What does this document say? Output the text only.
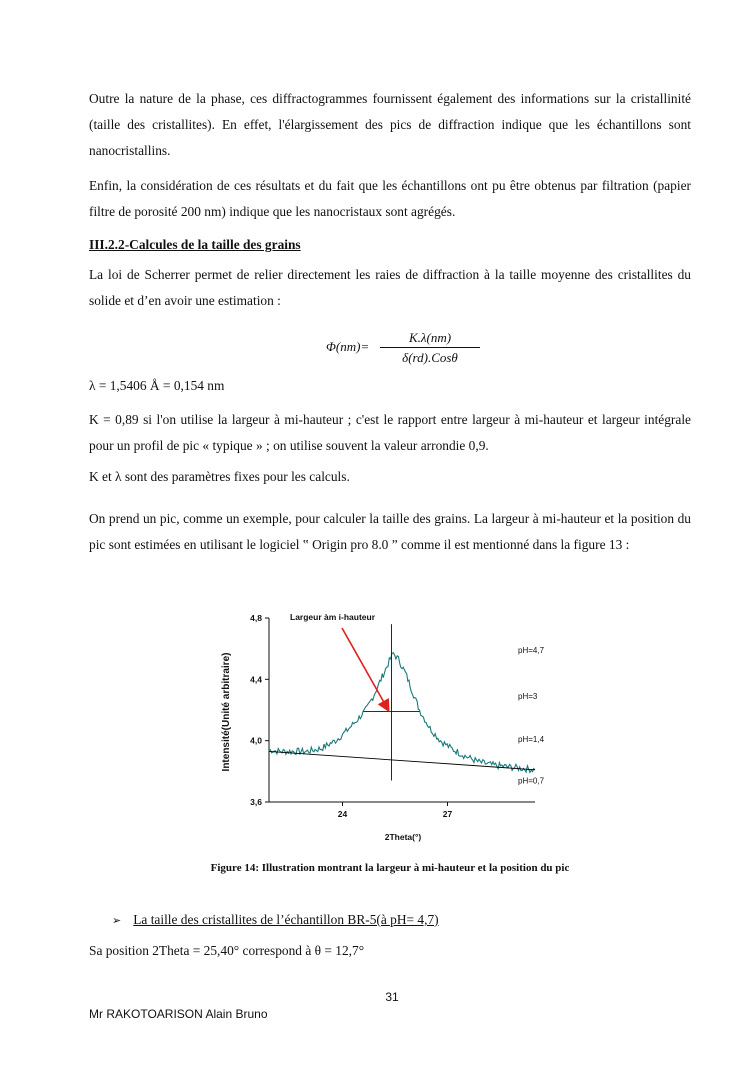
Outre la nature de la phase, ces diffractogrammes fournissent également des informations sur la cristallinité (taille des cristallites). En effet, l'élargissement des pics de diffraction indique que les échantillons sont nanocristallins.

Enfin, la considération de ces résultats et du fait que les échantillons ont pu être obtenus par filtration (papier filtre de porosité 200 nm) indique que les nanocristaux sont agrégés.

III.2.2-Calcules de la taille des grains

La loi de Scherrer permet de relier directement les raies de diffraction à la taille moyenne des cristallites du solide et d’en avoir une estimation :

Φ(nm)=
K.λ(nm)
δ(rd).Cosθ

λ = 1,5406 Å = 0,154 nm

K = 0,89 si l'on utilise la largeur à mi-hauteur ; c'est le rapport entre largeur à mi-hauteur et largeur intégrale pour un profil de pic « typique » ; on utilise souvent la valeur arrondie 0,9.

K et λ sont des paramètres fixes pour les calculs.

On prend un pic, comme un exemple, pour calculer la taille des grains. La largeur à mi-hauteur et la position du pic sont estimées en utilisant le logiciel ‟ Origin pro 8.0 ” comme il est mentionné dans la figure 13 :

3,6
4,0
4,4
4,8
24	27
pH=4,7
pH=3
pH=1,4
pH=0,7
Intensité(Unité arbitraire)
2Theta(°)
Largeur àm i-hauteur
Figure 14: Illustration montrant la largeur à mi-hauteur et la position du pic
➢ La taille des cristallites de l’échantillon BR-5(à pH= 4,7)

Sa position 2Theta = 25,40° correspond à θ = 12,7°

31
Mr RAKOTOARISON Alain Bruno
